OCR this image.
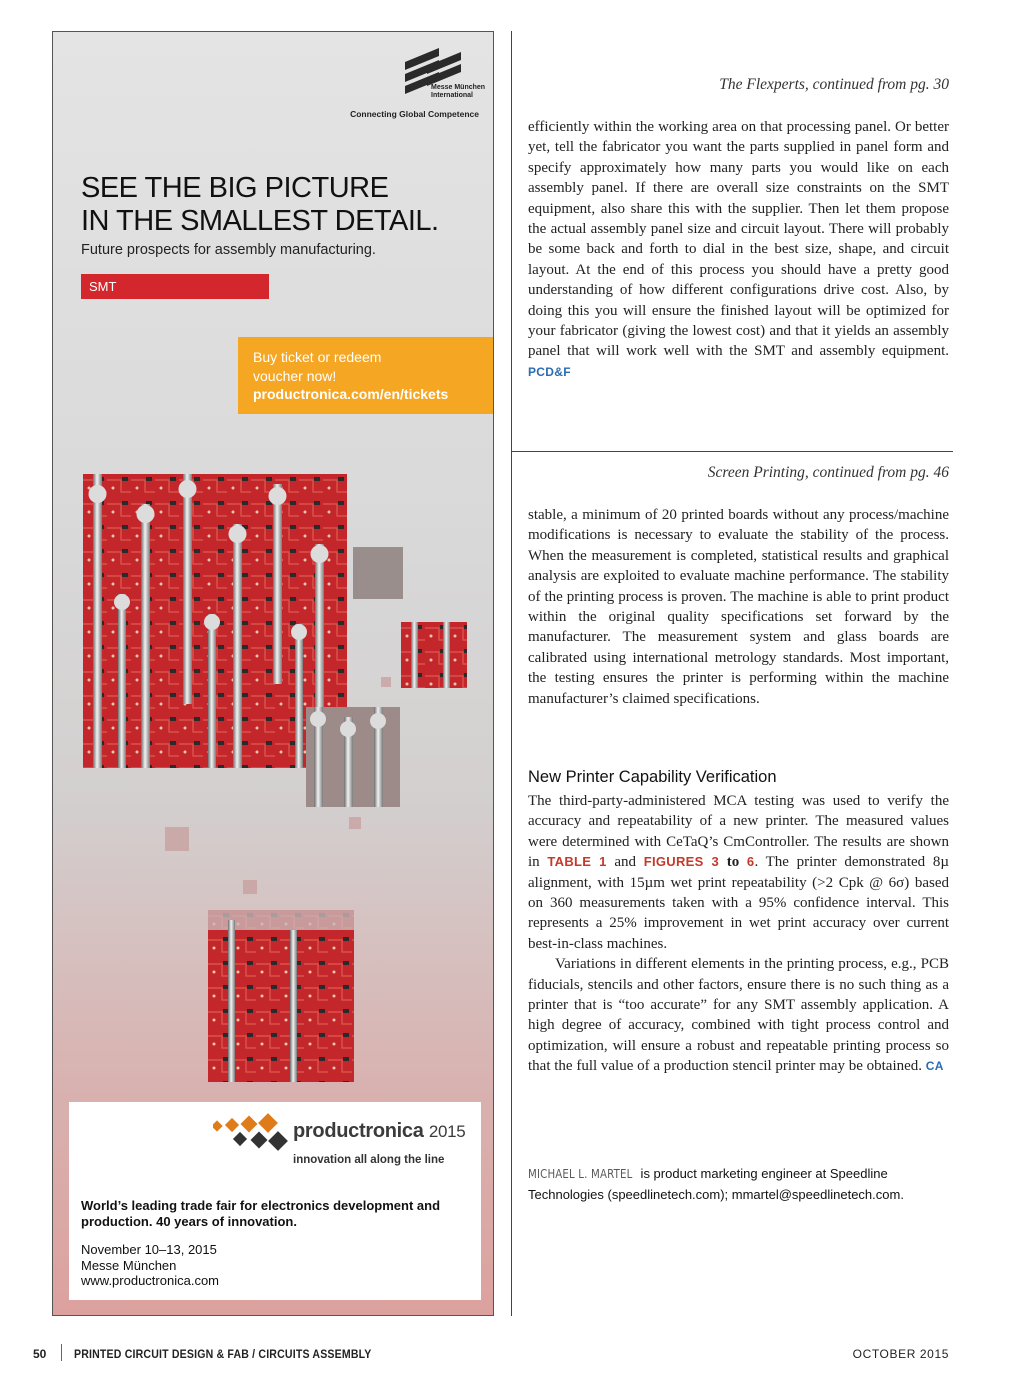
Messe München
International
Connecting Global Competence
SEE THE BIG PICTURE
IN THE SMALLEST DETAIL.
Future prospects for assembly manufacturing.
SMT
Buy ticket or redeem
voucher now!
productronica.com/en/tickets
productronica 2015
innovation all along the line
World’s leading trade fair for electronics development and production. 40 years of innovation.
November 10–13, 2015
Messe München
www.productronica.com
The Flexperts, continued from pg. 30

efficiently within the working area on that processing panel. Or better yet, tell the fabricator you want the parts supplied in panel form and specify approximately how many parts you would like on each assembly panel. If there are overall size constraints on the SMT equipment, also share this with the supplier. Then let them propose the actual assembly panel size and circuit layout. There will probably be some back and forth to dial in the best size, shape, and circuit layout. At the end of this process you should have a pretty good understanding of how different configurations drive cost. Also, by doing this you will ensure the finished layout will be optimized for your fabricator (giving the lowest cost) and that it yields an assembly panel that will work well with the SMT and assembly equipment. PCD&F

Screen Printing, continued from pg. 46

stable, a minimum of 20 printed boards without any process/machine modifications is necessary to evaluate the stability of the process. When the measurement is completed, statistical results and graphical analysis are exploited to evaluate machine performance. The stability of the printing process is proven. The machine is able to print product within the original quality specifications set forward by the manufacturer. The measurement system and glass boards are calibrated using international metrology standards. Most important, the testing ensures the printer is performing within the machine manufacturer’s claimed specifications.

New Printer Capability Verification

The third-party-administered MCA testing was used to verify the accuracy and repeatability of a new printer. The measured values were determined with CeTaQ’s CmController. The results are shown in TABLE 1 and FIGURES 3 to 6. The printer demonstrated 8µ alignment, with 15µm wet print repeatability (>2 Cpk @ 6σ) based on 360 measurements taken with a 95% confidence interval. This represents a 25% improvement in wet print accuracy over current best-in-class machines.

Variations in different elements in the printing process, e.g., PCB fiducials, stencils and other factors, ensure there is no such thing as a printer that is “too accurate” for any SMT assembly application. A high degree of accuracy, combined with tight process control and optimization, will ensure a robust and repeatable printing process so that the full value of a production stencil printer may be obtained. CA

MICHAEL L. MARTEL is product marketing engineer at Speedline Technologies (speedlinetech.com); mmartel@speedlinetech.com.

50 PRINTED CIRCUIT DESIGN & FAB / CIRCUITS ASSEMBLY	OCTOBER 2015
